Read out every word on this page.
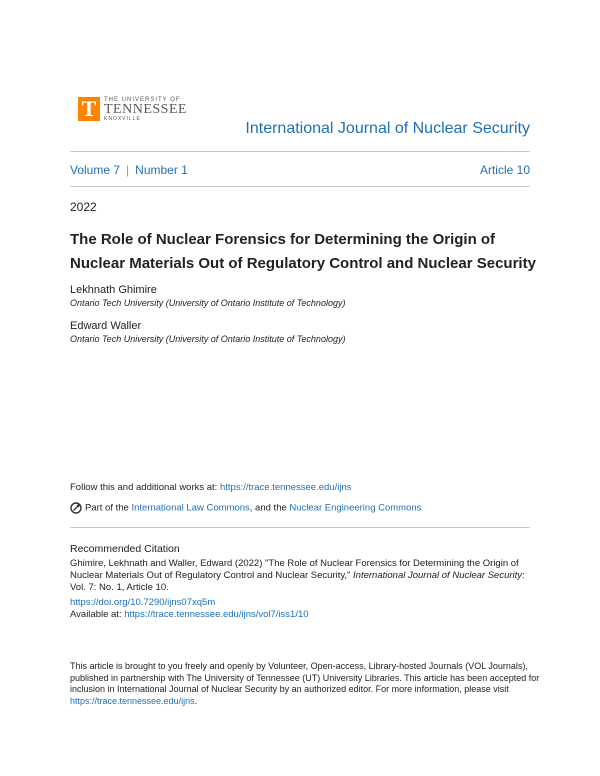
T	THE UNIVERSITY OF
TENNESSEE
KNOXVILLE
International Journal of Nuclear Security
Volume 7 | Number 1	Article 10
2022
The Role of Nuclear Forensics for Determining the Origin of Nuclear Materials Out of Regulatory Control and Nuclear Security
Lekhnath Ghimire
Ontario Tech University (University of Ontario Institute of Technology)
Edward Waller
Ontario Tech University (University of Ontario Institute of Technology)
Follow this and additional works at: https://trace.tennessee.edu/ijns
Part of the International Law Commons, and the Nuclear Engineering Commons
Recommended Citation
Ghimire, Lekhnath and Waller, Edward (2022) "The Role of Nuclear Forensics for Determining the Origin of Nuclear Materials Out of Regulatory Control and Nuclear Security," International Journal of Nuclear Security: Vol. 7: No. 1, Article 10.
https://doi.org/10.7290/ijns07xq5m
Available at: https://trace.tennessee.edu/ijns/vol7/iss1/10
This article is brought to you freely and openly by Volunteer, Open-access, Library-hosted Journals (VOL Journals), published in partnership with The University of Tennessee (UT) University Libraries. This article has been accepted for inclusion in International Journal of Nuclear Security by an authorized editor. For more information, please visit https://trace.tennessee.edu/ijns.
